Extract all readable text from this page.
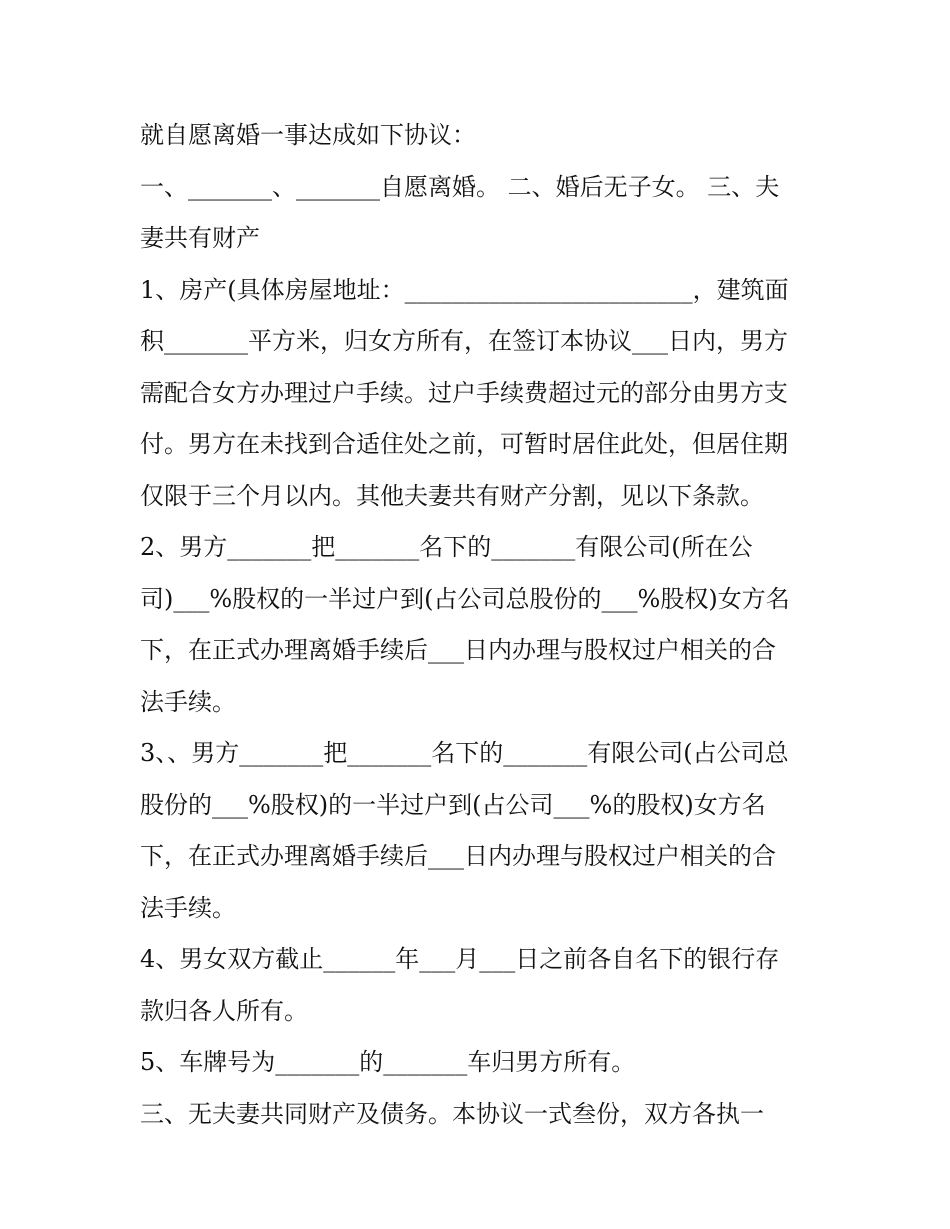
就自愿离婚一事达成如下协议：
一、_______、_______自愿离婚。 二、婚后无子女。 三、夫
妻共有财产
1、房产(具体房屋地址：________________________，建筑面
积_______平方米，归女方所有，在签订本协议___日内，男方
需配合女方办理过户手续。过户手续费超过元的部分由男方支
付。男方在未找到合适住处之前，可暂时居住此处，但居住期
仅限于三个月以内。其他夫妻共有财产分割，见以下条款。
2、男方_______把_______名下的_______有限公司(所在公
司)___%股权的一半过户到(占公司总股份的___%股权)女方名
下，在正式办理离婚手续后___日内办理与股权过户相关的合
法手续。
3、、男方_______把_______名下的_______有限公司(占公司总
股份的___%股权)的一半过户到(占公司___%的股权)女方名
下，在正式办理离婚手续后___日内办理与股权过户相关的合
法手续。
4、男女双方截止______年___月___日之前各自名下的银行存
款归各人所有。
5、车牌号为_______的_______车归男方所有。
三、无夫妻共同财产及债务。本协议一式叁份，双方各执一
